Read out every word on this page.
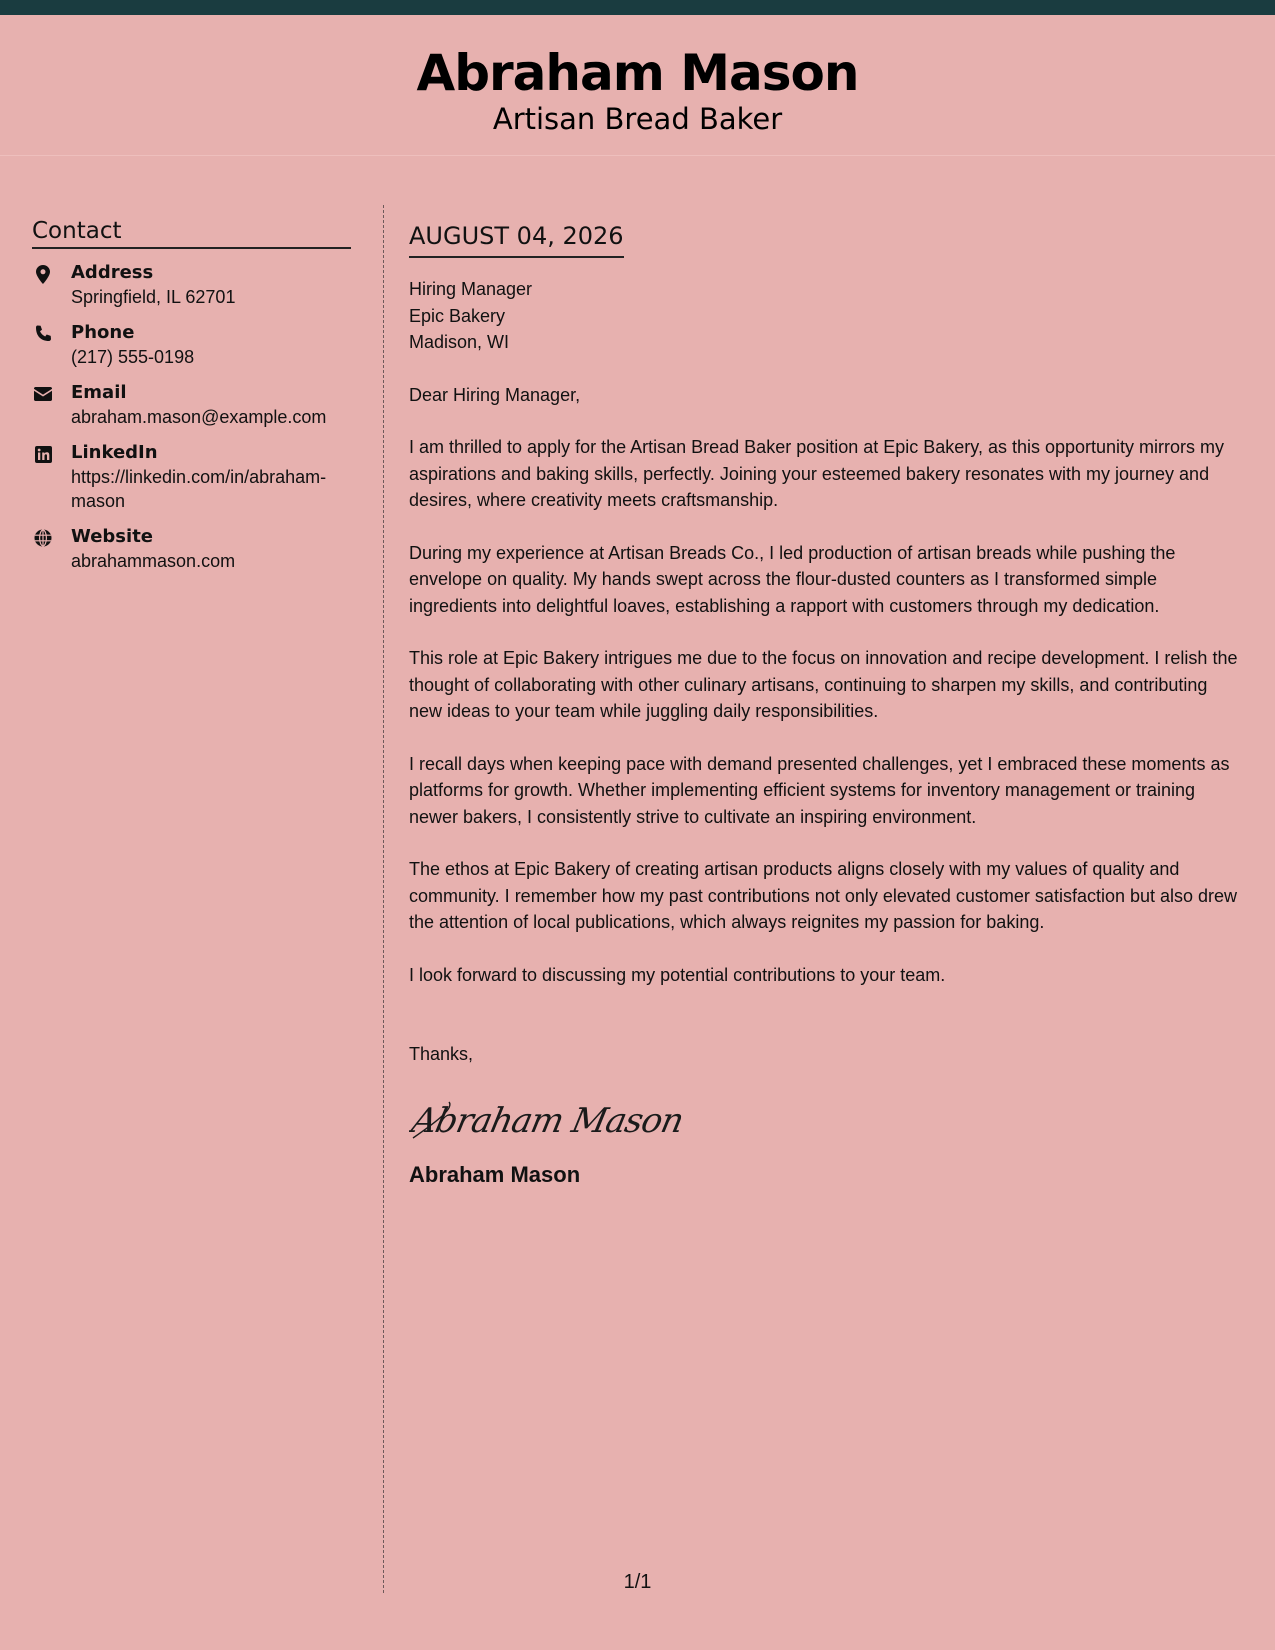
Abraham Mason
Artisan Bread Baker
Contact
Address
Springfield, IL 62701
Phone
(217) 555-0198
Email
abraham.mason@example.com
LinkedIn
https://linkedin.com/in/abraham-mason
Website
abrahammason.com
AUGUST 04, 2026
Hiring Manager
Epic Bakery
Madison, WI
Dear Hiring Manager,
I am thrilled to apply for the Artisan Bread Baker position at Epic Bakery, as this opportunity mirrors my aspirations and baking skills, perfectly. Joining your esteemed bakery resonates with my journey and desires, where creativity meets craftsmanship.
During my experience at Artisan Breads Co., I led production of artisan breads while pushing the envelope on quality. My hands swept across the flour-dusted counters as I transformed simple ingredients into delightful loaves, establishing a rapport with customers through my dedication.
This role at Epic Bakery intrigues me due to the focus on innovation and recipe development. I relish the thought of collaborating with other culinary artisans, continuing to sharpen my skills, and contributing new ideas to your team while juggling daily responsibilities.
I recall days when keeping pace with demand presented challenges, yet I embraced these moments as platforms for growth. Whether implementing efficient systems for inventory management or training newer bakers, I consistently strive to cultivate an inspiring environment.
The ethos at Epic Bakery of creating artisan products aligns closely with my values of quality and community. I remember how my past contributions not only elevated customer satisfaction but also drew the attention of local publications, which always reignites my passion for baking.
I look forward to discussing my potential contributions to your team.
Thanks,
Abraham Mason
Abraham Mason
1/1
